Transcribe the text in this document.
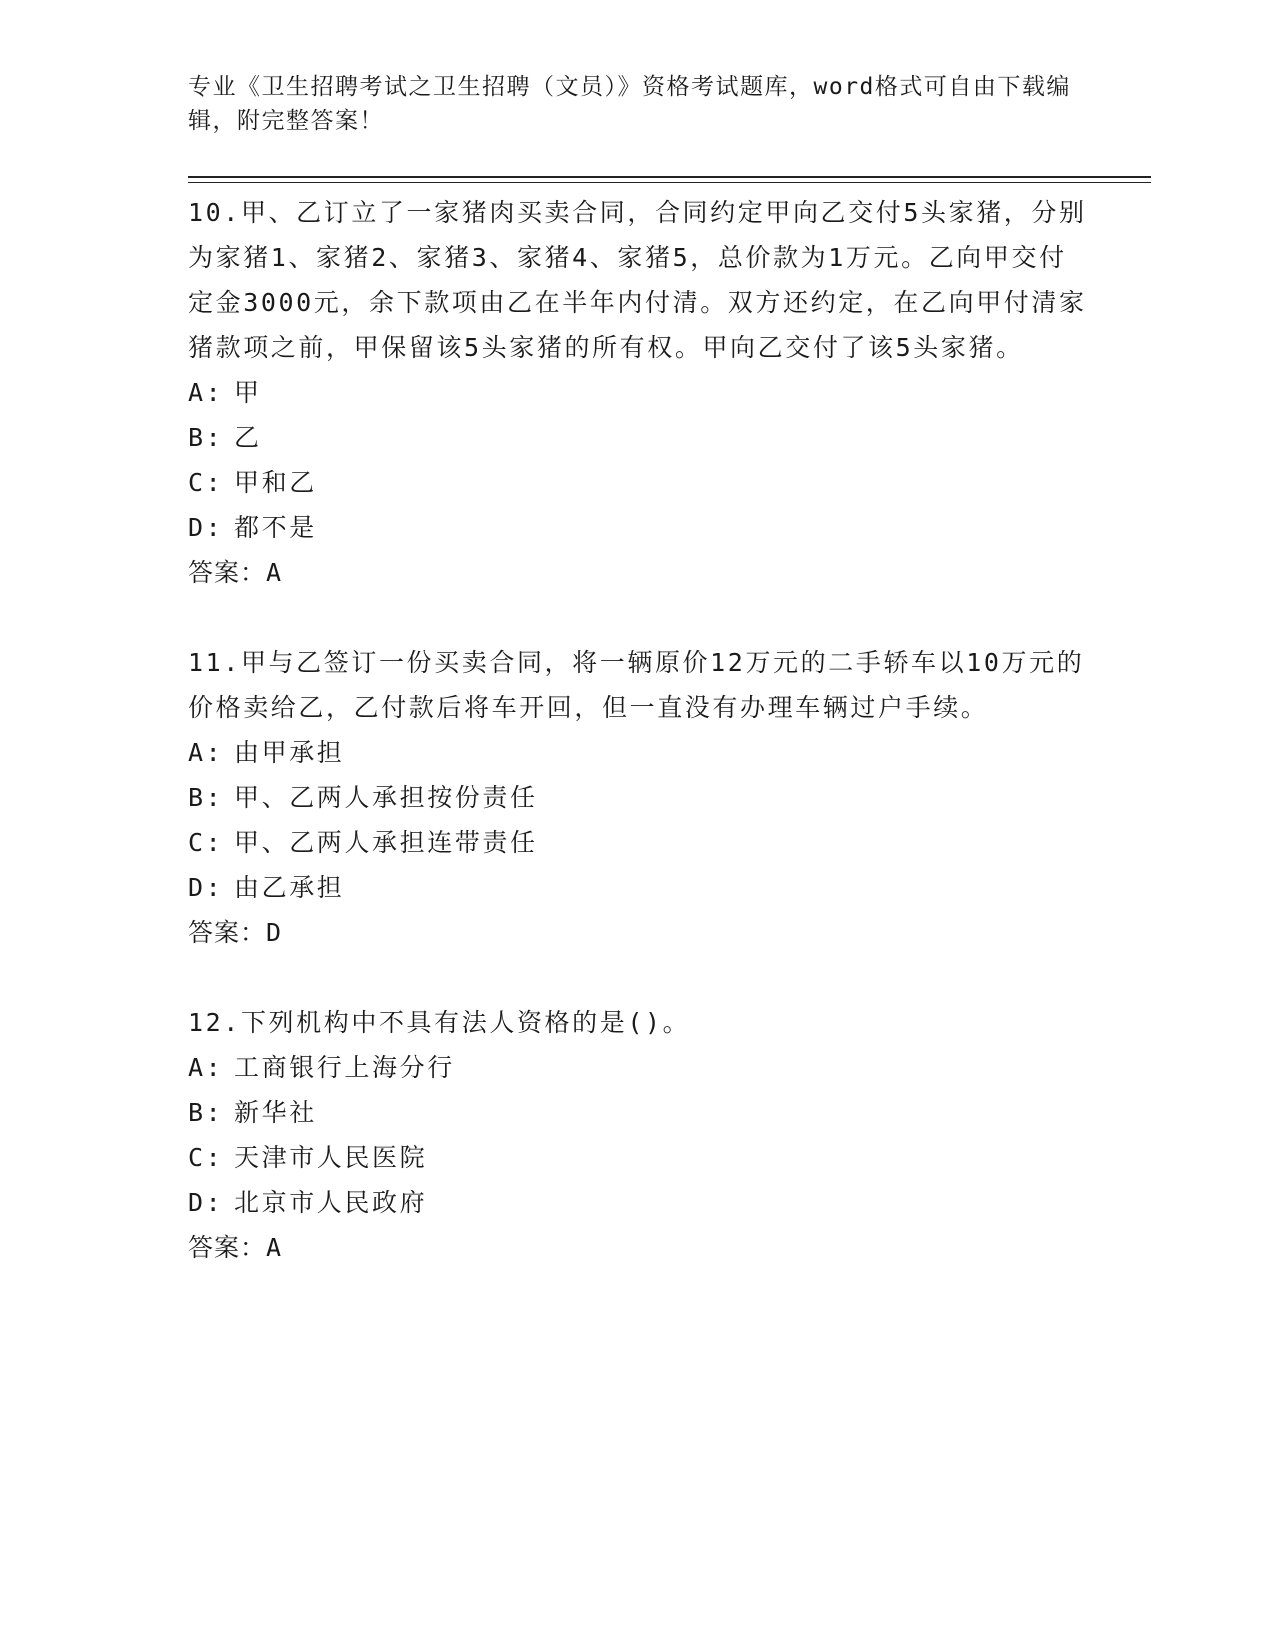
专业《卫生招聘考试之卫生招聘（文员）》资格考试题库，word格式可自由下载编辑，附完整答案！
10.甲、乙订立了一家猪肉买卖合同，合同约定甲向乙交付5头家猪，分别为家猪1、家猪2、家猪3、家猪4、家猪5，总价款为1万元。乙向甲交付定金3000元，余下款项由乙在半年内付清。双方还约定，在乙向甲付清家猪款项之前，甲保留该5头家猪的所有权。甲向乙交付了该5头家猪。
A: 甲
B: 乙
C: 甲和乙
D: 都不是
答案：A
11.甲与乙签订一份买卖合同，将一辆原价12万元的二手轿车以10万元的价格卖给乙，乙付款后将车开回，但一直没有办理车辆过户手续。
A: 由甲承担
B: 甲、乙两人承担按份责任
C: 甲、乙两人承担连带责任
D: 由乙承担
答案：D
12.下列机构中不具有法人资格的是()。
A: 工商银行上海分行
B: 新华社
C: 天津市人民医院
D: 北京市人民政府
答案：A
